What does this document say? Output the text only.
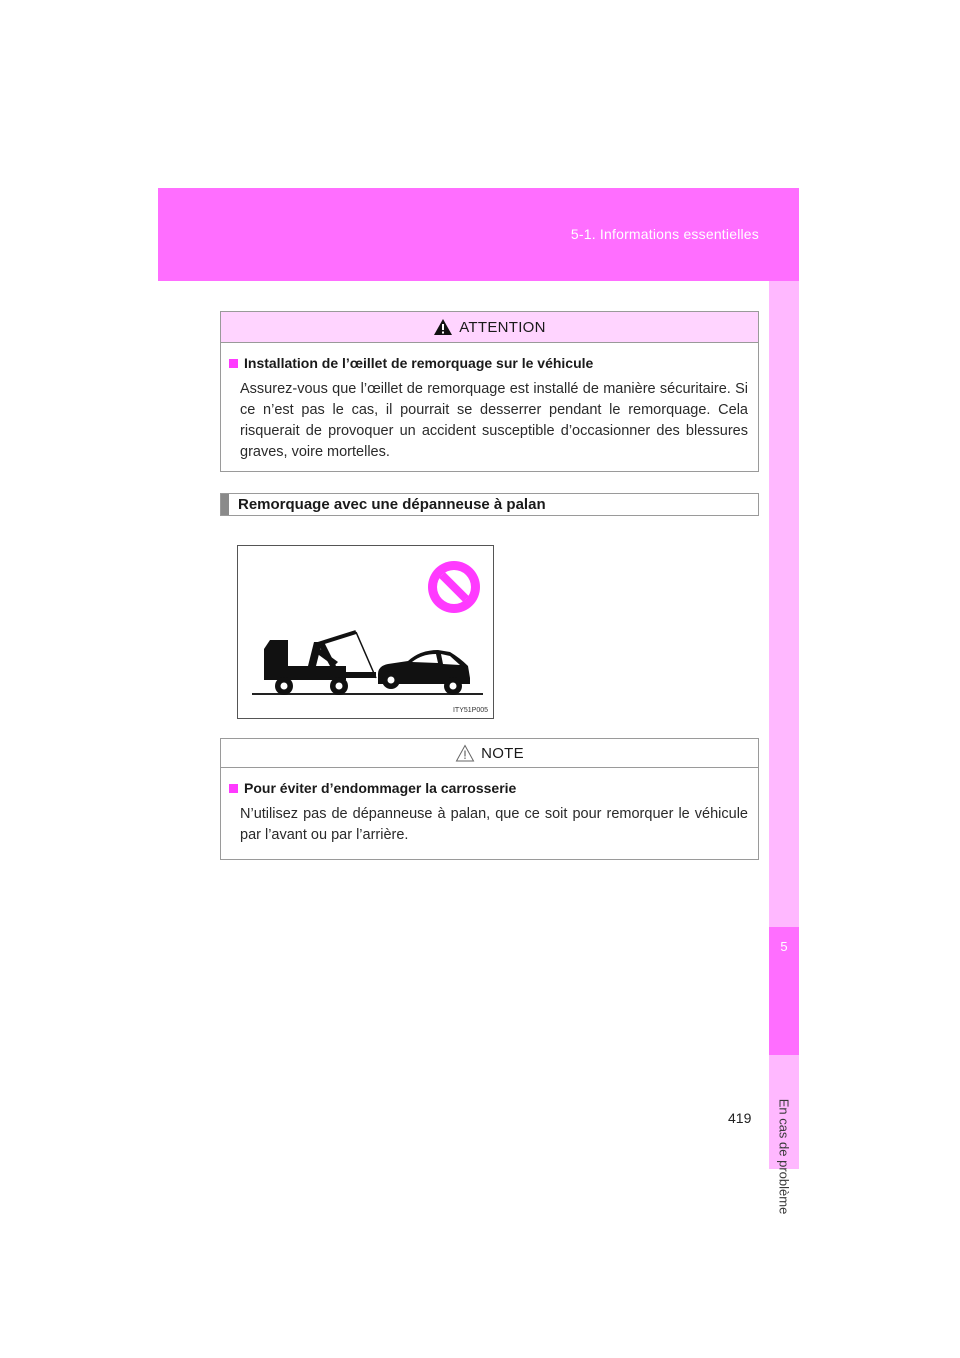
5-1. Informations essentielles
5
En cas de problème
ATTENTION
Installation de l’œillet de remorquage sur le véhicule
Assurez-vous que l’œillet de remorquage est installé de manière sécuritaire. Si ce n’est pas le cas, il pourrait se desserrer pendant le remorquage. Cela risquerait de provoquer un accident susceptible d’occasionner des blessures graves, voire mortelles.
Remorquage avec une dépanneuse à palan
ITY51P005
NOTE
Pour éviter d’endommager la carrosserie
N’utilisez pas de dépanneuse à palan, que ce soit pour remorquer le véhicule par l’avant ou par l’arrière.
419
